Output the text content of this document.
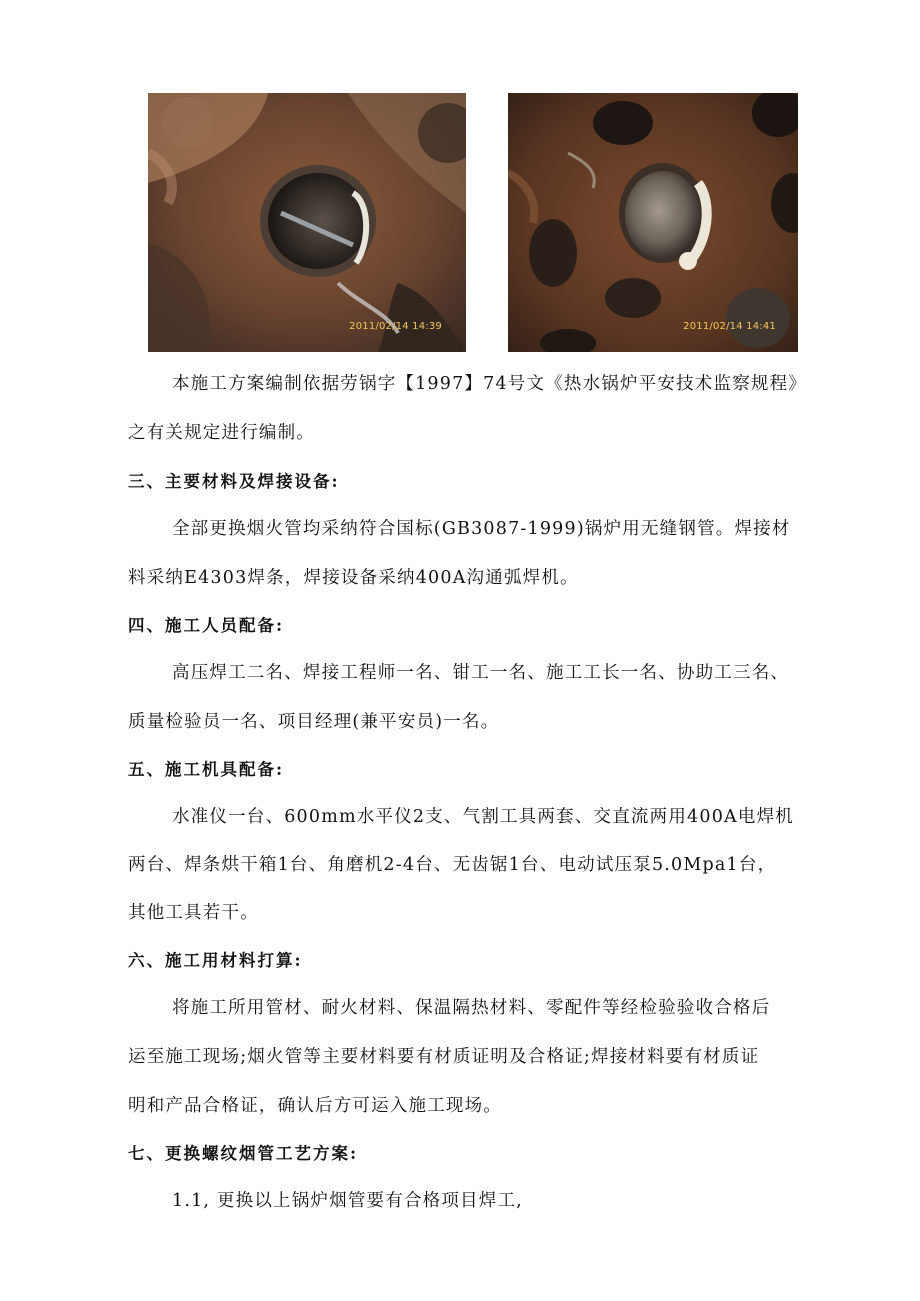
2011/02/14 14:39	2011/02/14 14:41
本施工方案编制依据劳锅字【1997】74号文《热水锅炉平安技术监察规程》
之有关规定进行编制。
三、主要材料及焊接设备:
全部更换烟火管均采纳符合国标(GB3087-1999)锅炉用无缝钢管。焊接材
料采纳E4303焊条，焊接设备采纳400A沟通弧焊机。
四、施工人员配备:
高压焊工二名、焊接工程师一名、钳工一名、施工工长一名、协助工三名、
质量检验员一名、项目经理(兼平安员)一名。
五、施工机具配备:
水准仪一台、600mm水平仪2支、气割工具两套、交直流两用400A电焊机
两台、焊条烘干箱1台、角磨机2-4台、无齿锯1台、电动试压泵5.0Mpa1台，
其他工具若干。
六、施工用材料打算:
将施工所用管材、耐火材料、保温隔热材料、零配件等经检验验收合格后
运至施工现场;烟火管等主要材料要有材质证明及合格证;焊接材料要有材质证
明和产品合格证，确认后方可运入施工现场。
七、更换螺纹烟管工艺方案:
1.1, 更换以上锅炉烟管要有合格项目焊工,
